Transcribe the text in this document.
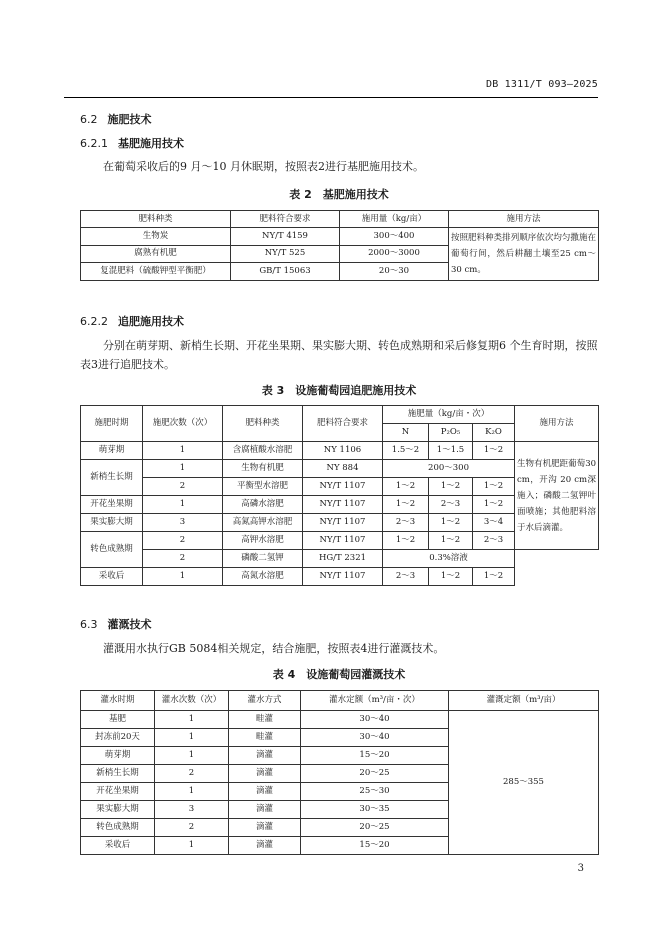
DB 1311/T 093—2025
6.2 施肥技术
6.2.1 基肥施用技术
在葡萄采收后的9 月～10 月休眠期，按照表2进行基肥施用技术。
表 2　基肥施用技术
肥料种类	肥料符合要求	施用量（kg/亩）	施用方法
生物炭	NY/T 4159	300～400	按照肥料种类排列顺序依次均匀撒施在葡萄行间，然后耕翻土壤至25 cm～30 cm。
腐熟有机肥	NY/T 525	2000～3000	
复混肥料（硫酸钾型平衡肥）	GB/T 15063	20～30	
6.2.2 追肥施用技术
分别在萌芽期、新梢生长期、开花坐果期、果实膨大期、转色成熟期和采后修复期6 个生育时期，按照表3进行追肥技术。
表 3　设施葡萄园追肥施用技术
施肥时期	施肥次数（次）	肥料种类	肥料符合要求	施肥量（kg/亩・次）			施用方法
				N	P₂O₅	K₂O	
萌芽期	1	含腐植酸水溶肥	NY 1106	1.5～2	1～1.5	1～2	生物有机肥距葡萄30 cm，开沟 20 cm深施入；磷酸二氢钾叶面喷施；其他肥料溶于水后滴灌。
新梢生长期	1	生物有机肥	NY 884	200～300			
	2	平衡型水溶肥	NY/T 1107	1～2	1～2	1～2	
开花坐果期	1	高磷水溶肥	NY/T 1107	1～2	2～3	1～2	
果实膨大期	3	高氮高钾水溶肥	NY/T 1107	2～3	1～2	3～4	
转色成熟期	2	高钾水溶肥	NY/T 1107	1～2	1～2	2～3	
	2	磷酸二氢钾	HG/T 2321	0.3%溶液			
采收后	1	高氮水溶肥	NY/T 1107	2～3	1～2	1～2	
6.3 灌溉技术
灌溉用水执行GB 5084相关规定，结合施肥，按照表4进行灌溉技术。
表 4　设施葡萄园灌溉技术
灌水时期	灌水次数（次）	灌水方式	灌水定额（m³/亩・次）	灌溉定额（m³/亩）
基肥	1	畦灌	30～40	285～355
封冻前20天	1	畦灌	30～40	
萌芽期	1	滴灌	15～20	
新梢生长期	2	滴灌	20～25	
开花坐果期	1	滴灌	25～30	
果实膨大期	3	滴灌	30～35	
转色成熟期	2	滴灌	20～25	
采收后	1	滴灌	15～20	
3
